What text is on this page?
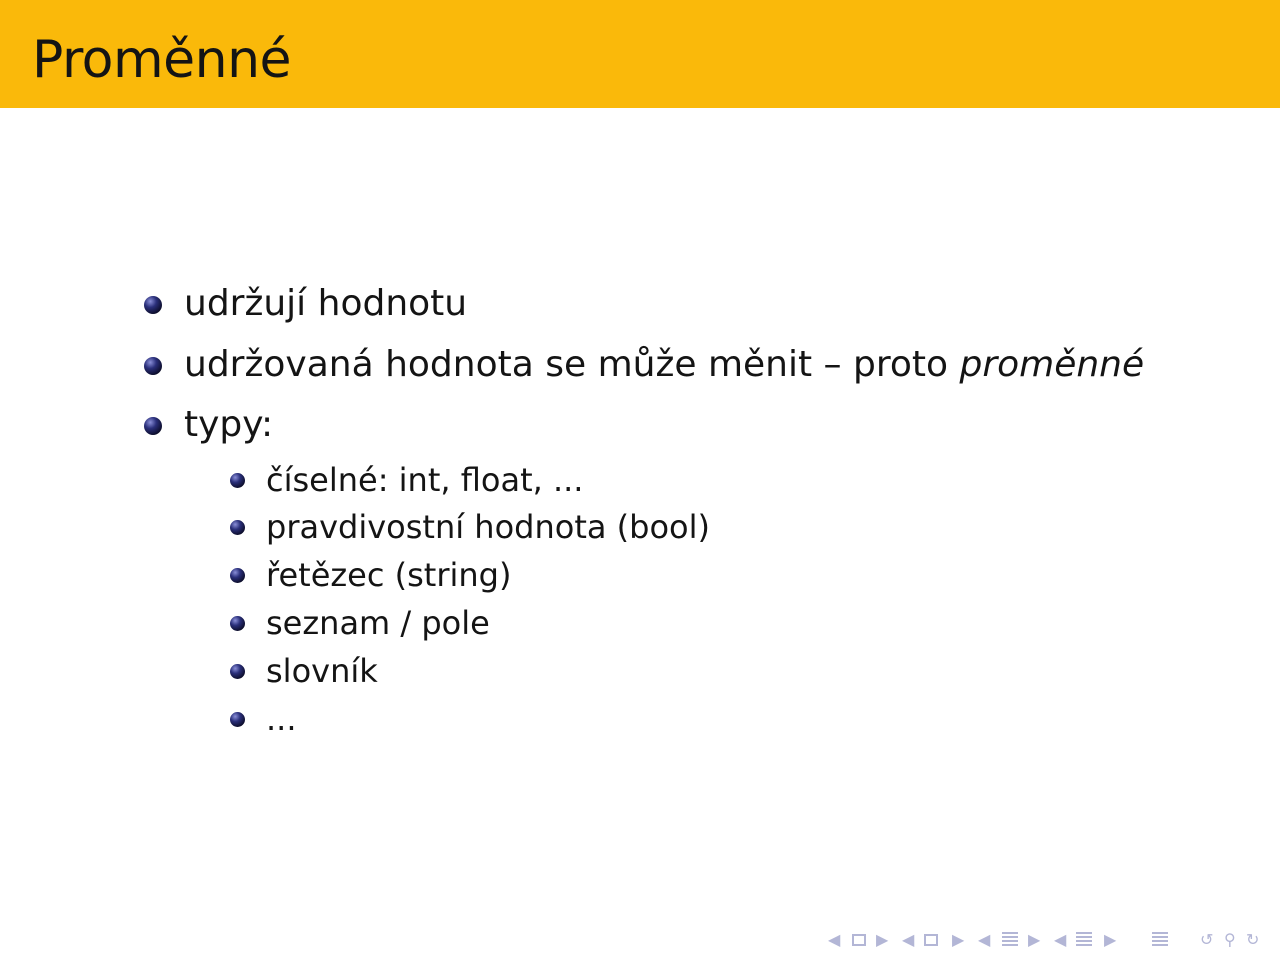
Proměnné
udržují hodnotu
udržovaná hodnota se může měnit – proto proměnné
typy:
číselné: int, float, ...
pravdivostní hodnota (bool)
řetězec (string)
seznam / pole
slovník
...
◀ ▶ ◀ ▶ ◀ ▶ ◀ ▶	↺ ⚲ ↻
